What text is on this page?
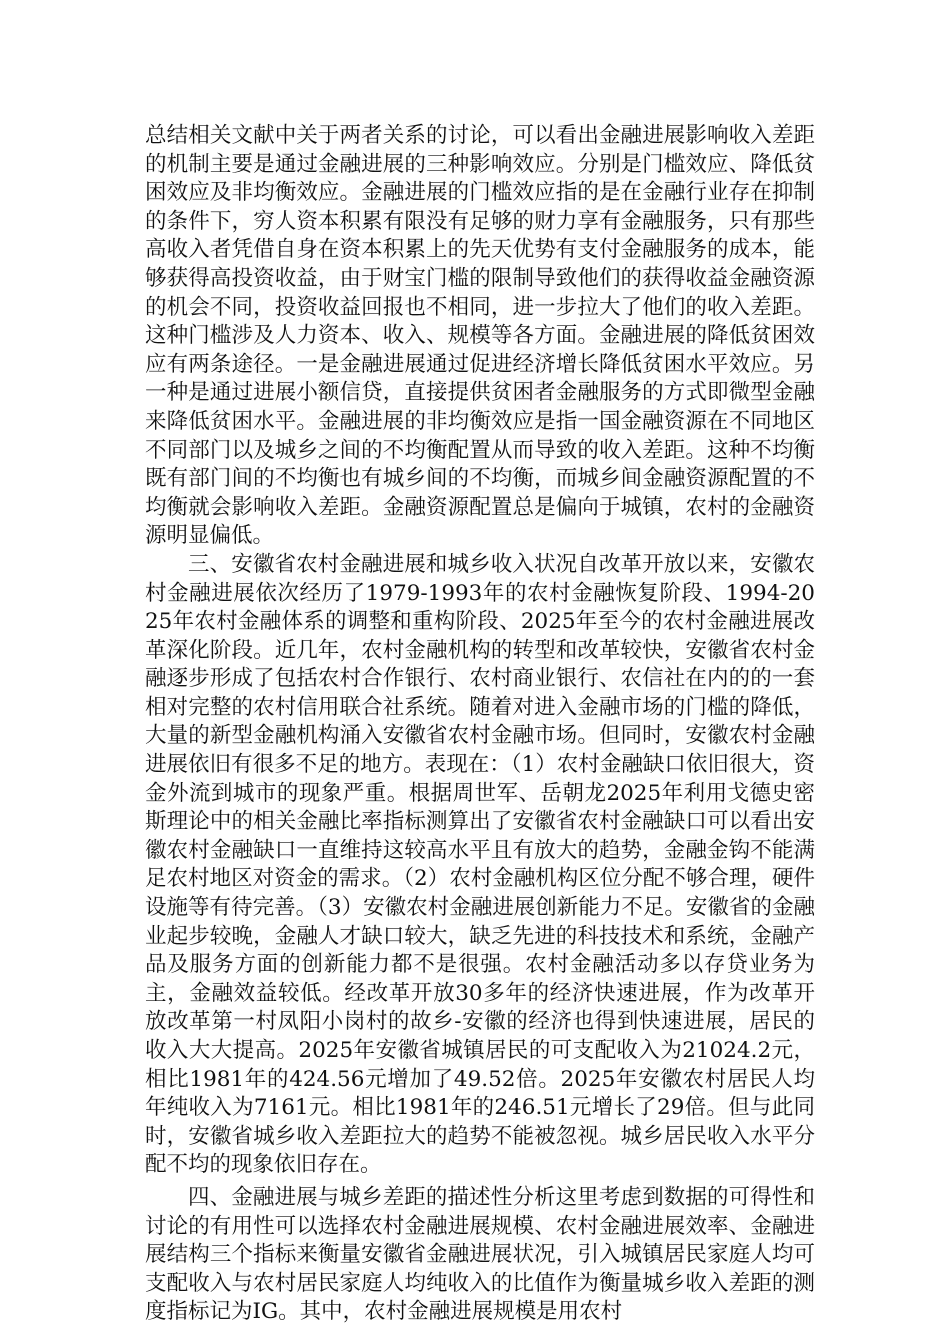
总结相关文献中关于两者关系的讨论，可以看出金融进展影响收入差距的机制主要是通过金融进展的三种影响效应。分别是门槛效应、降低贫困效应及非均衡效应。金融进展的门槛效应指的是在金融行业存在抑制的条件下，穷人资本积累有限没有足够的财力享有金融服务，只有那些高收入者凭借自身在资本积累上的先天优势有支付金融服务的成本，能够获得高投资收益，由于财宝门槛的限制导致他们的获得收益金融资源的机会不同，投资收益回报也不相同，进一步拉大了他们的收入差距。这种门槛涉及人力资本、收入、规模等各方面。金融进展的降低贫困效应有两条途径。一是金融进展通过促进经济增长降低贫困水平效应。另一种是通过进展小额信贷，直接提供贫困者金融服务的方式即微型金融来降低贫困水平。金融进展的非均衡效应是指一国金融资源在不同地区不同部门以及城乡之间的不均衡配置从而导致的收入差距。这种不均衡既有部门间的不均衡也有城乡间的不均衡，而城乡间金融资源配置的不均衡就会影响收入差距。金融资源配置总是偏向于城镇，农村的金融资源明显偏低。

三、安徽省农村金融进展和城乡收入状况自改革开放以来，安徽农村金融进展依次经历了1979-1993年的农村金融恢复阶段、1994-2025年农村金融体系的调整和重构阶段、2025年至今的农村金融进展改革深化阶段。近几年，农村金融机构的转型和改革较快，安徽省农村金融逐步形成了包括农村合作银行、农村商业银行、农信社在内的的一套相对完整的农村信用联合社系统。随着对进入金融市场的门槛的降低，大量的新型金融机构涌入安徽省农村金融市场。但同时，安徽农村金融进展依旧有很多不足的地方。表现在：（1）农村金融缺口依旧很大，资金外流到城市的现象严重。根据周世军、岳朝龙2025年利用戈德史密斯理论中的相关金融比率指标测算出了安徽省农村金融缺口可以看出安徽农村金融缺口一直维持这较高水平且有放大的趋势，金融金钩不能满足农村地区对资金的需求。（2）农村金融机构区位分配不够合理，硬件设施等有待完善。（3）安徽农村金融进展创新能力不足。安徽省的金融业起步较晚，金融人才缺口较大，缺乏先进的科技技术和系统，金融产品及服务方面的创新能力都不是很强。农村金融活动多以存贷业务为主，金融效益较低。经改革开放30多年的经济快速进展，作为改革开放改革第一村凤阳小岗村的故乡-安徽的经济也得到快速进展，居民的收入大大提高。2025年安徽省城镇居民的可支配收入为21024.2元，相比1981年的424.56元增加了49.52倍。2025年安徽农村居民人均年纯收入为7161元。相比1981年的246.51元增长了29倍。但与此同时，安徽省城乡收入差距拉大的趋势不能被忽视。城乡居民收入水平分配不均的现象依旧存在。

四、金融进展与城乡差距的描述性分析这里考虑到数据的可得性和讨论的有用性可以选择农村金融进展规模、农村金融进展效率、金融进展结构三个指标来衡量安徽省金融进展状况，引入城镇居民家庭人均可支配收入与农村居民家庭人均纯收入的比值作为衡量城乡收入差距的测度指标记为IG。其中，农村金融进展规模是用农村
